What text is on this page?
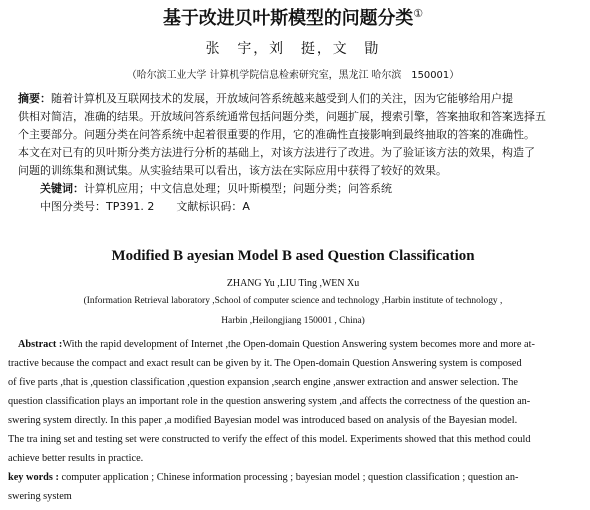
基于改进贝叶斯模型的问题分类①
张　宇，刘　挺，文　勖
（哈尔滨工业大学 计算机学院信息检索研究室，黑龙江 哈尔滨　150001）
摘要：随着计算机及互联网技术的发展，开放域问答系统越来越受到人们的关注，因为它能够给用户提
供相对简洁，准确的结果。开放域问答系统通常包括问题分类，问题扩展，搜索引擎，答案抽取和答案选择五
个主要部分。问题分类在问答系统中起着很重要的作用，它的准确性直接影响到最终抽取的答案的准确性。
本文在对已有的贝叶斯分类方法进行分析的基础上，对该方法进行了改进。为了验证该方法的效果，构造了
问题的训练集和测试集。从实验结果可以看出，该方法在实际应用中获得了较好的效果。
关键词：计算机应用；中文信息处理；贝叶斯模型；问题分类；问答系统
中图分类号：TP391. 2 文献标识码：A
Modified B ayesian Model B ased Question Classification
ZHANG Yu ,LIU Ting ,WEN Xu
(Information Retrieval laboratory ,School of computer science and technology ,Harbin institute of technology ,
Harbin ,Heilongjiang 150001 , China)
Abstract :With the rapid development of Internet ,the Open-domain Question Answering system becomes more and more at-
tractive because the compact and exact result can be given by it. The Open-domain Question Answering system is composed
of five parts ,that is ,question classification ,question expansion ,search engine ,answer extraction and answer selection. The
question classification plays an important role in the question answering system ,and affects the correctness of the question an-
swering system directly. In this paper ,a modified Bayesian model was introduced based on analysis of the Bayesian model.
The tra ining set and testing set were constructed to verify the effect of this model. Experiments showed that this method could
achieve better results in practice.
key words : computer application ; Chinese information processing ; bayesian model ; question classification ; question an-
swering system
